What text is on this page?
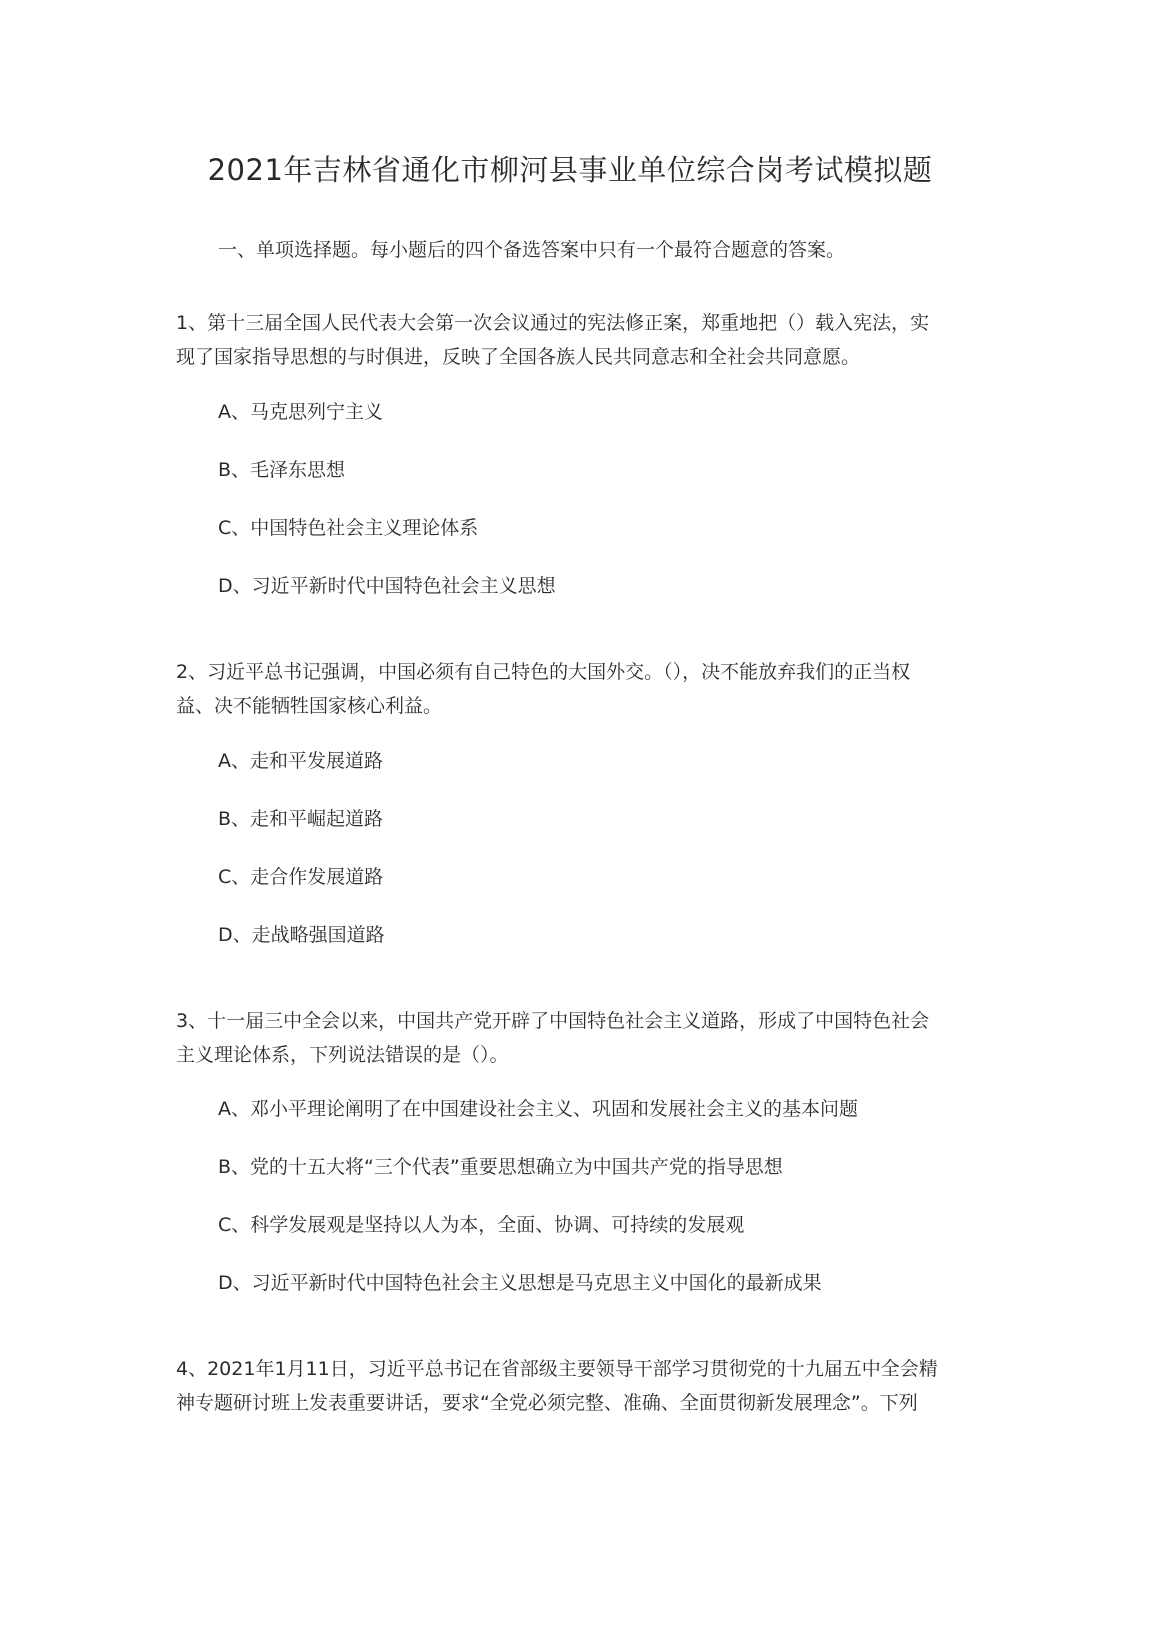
2021年吉林省通化市柳河县事业单位综合岗考试模拟题

一、单项选择题。每小题后的四个备选答案中只有一个最符合题意的答案。

1、第十三届全国人民代表大会第一次会议通过的宪法修正案，郑重地把（）载入宪法，实
现了国家指导思想的与时俱进，反映了全国各族人民共同意志和全社会共同意愿。

A、马克思列宁主义

B、毛泽东思想

C、中国特色社会主义理论体系

D、习近平新时代中国特色社会主义思想

2、习近平总书记强调，中国必须有自己特色的大国外交。（），决不能放弃我们的正当权
益、决不能牺牲国家核心利益。

A、走和平发展道路

B、走和平崛起道路

C、走合作发展道路

D、走战略强国道路

3、十一届三中全会以来，中国共产党开辟了中国特色社会主义道路，形成了中国特色社会
主义理论体系，下列说法错误的是（）。

A、邓小平理论阐明了在中国建设社会主义、巩固和发展社会主义的基本问题

B、党的十五大将“三个代表”重要思想确立为中国共产党的指导思想

C、科学发展观是坚持以人为本，全面、协调、可持续的发展观

D、习近平新时代中国特色社会主义思想是马克思主义中国化的最新成果

4、2021年1月11日，习近平总书记在省部级主要领导干部学习贯彻党的十九届五中全会精
神专题研讨班上发表重要讲话，要求“全党必须完整、准确、全面贯彻新发展理念”。下列
